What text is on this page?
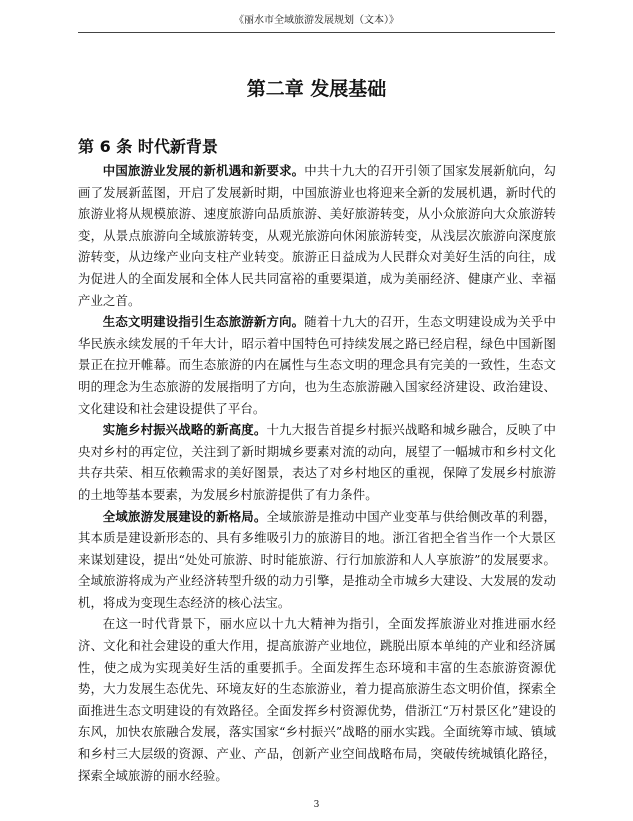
《丽水市全域旅游发展规划（文本）》
第二章 发展基础
第 6 条 时代新背景

中国旅游业发展的新机遇和新要求。中共十九大的召开引领了国家发展新航向，勾画了发展新蓝图，开启了发展新时期，中国旅游业也将迎来全新的发展机遇，新时代的旅游业将从规模旅游、速度旅游向品质旅游、美好旅游转变，从小众旅游向大众旅游转变，从景点旅游向全域旅游转变，从观光旅游向休闲旅游转变，从浅层次旅游向深度旅游转变，从边缘产业向支柱产业转变。旅游正日益成为人民群众对美好生活的向往，成为促进人的全面发展和全体人民共同富裕的重要渠道，成为美丽经济、健康产业、幸福产业之首。

生态文明建设指引生态旅游新方向。随着十九大的召开，生态文明建设成为关乎中华民族永续发展的千年大计，昭示着中国特色可持续发展之路已经启程，绿色中国新图景正在拉开帷幕。而生态旅游的内在属性与生态文明的理念具有完美的一致性，生态文明的理念为生态旅游的发展指明了方向，也为生态旅游融入国家经济建设、政治建设、文化建设和社会建设提供了平台。

实施乡村振兴战略的新高度。十九大报告首提乡村振兴战略和城乡融合，反映了中央对乡村的再定位，关注到了新时期城乡要素对流的动向，展望了一幅城市和乡村文化共存共荣、相互依赖需求的美好图景，表达了对乡村地区的重视，保障了发展乡村旅游的土地等基本要素，为发展乡村旅游提供了有力条件。

全域旅游发展建设的新格局。全域旅游是推动中国产业变革与供给侧改革的利器，其本质是建设新形态的、具有多维吸引力的旅游目的地。浙江省把全省当作一个大景区来谋划建设，提出“处处可旅游、时时能旅游、行行加旅游和人人享旅游”的发展要求。全域旅游将成为产业经济转型升级的动力引擎，是推动全市城乡大建设、大发展的发动机，将成为变现生态经济的核心法宝。

在这一时代背景下，丽水应以十九大精神为指引，全面发挥旅游业对推进丽水经济、文化和社会建设的重大作用，提高旅游产业地位，跳脱出原本单纯的产业和经济属性，使之成为实现美好生活的重要抓手。全面发挥生态环境和丰富的生态旅游资源优势，大力发展生态优先、环境友好的生态旅游业，着力提高旅游生态文明价值，探索全面推进生态文明建设的有效路径。全面发挥乡村资源优势，借浙江“万村景区化”建设的东风，加快农旅融合发展，落实国家“乡村振兴”战略的丽水实践。全面统筹市域、镇域和乡村三大层级的资源、产业、产品，创新产业空间战略布局，突破传统城镇化路径，探索全域旅游的丽水经验。

3
